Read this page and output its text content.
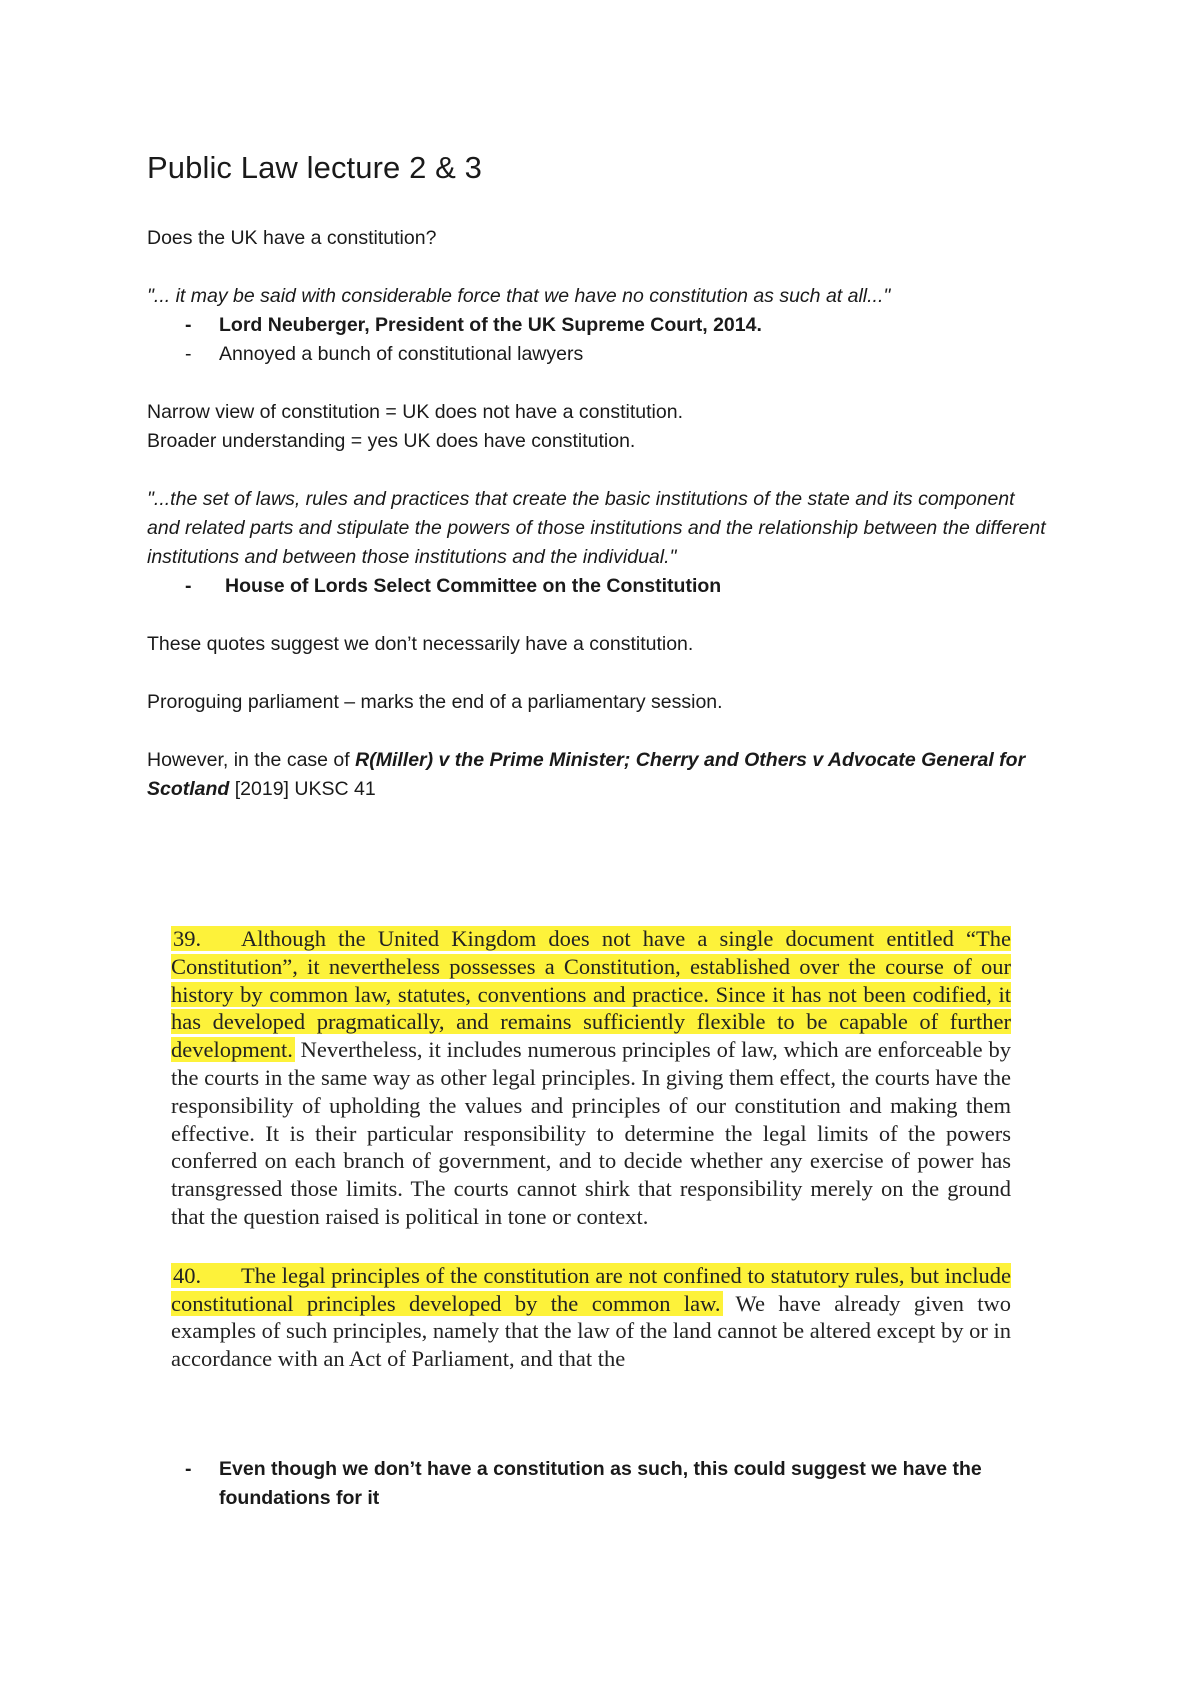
Public Law lecture 2 & 3

Does the UK have a constitution?

"... it may be said with considerable force that we have no constitution as such at all..."

- Lord Neuberger, President of the UK Supreme Court, 2014.

- Annoyed a bunch of constitutional lawyers

Narrow view of constitution = UK does not have a constitution.

Broader understanding = yes UK does have constitution.

"...the set of laws, rules and practices that create the basic institutions of the state and its component and related parts and stipulate the powers of those institutions and the relationship between the different institutions and between those institutions and the individual."

- House of Lords Select Committee on the Constitution

These quotes suggest we don’t necessarily have a constitution.

Proroguing parliament – marks the end of a parliamentary session.

However, in the case of R(Miller) v the Prime Minister; Cherry and Others v Advocate General for Scotland [2019] UKSC 41

39. Although the United Kingdom does not have a single document entitled “The Constitution”, it nevertheless possesses a Constitution, established over the course of our history by common law, statutes, conventions and practice. Since it has not been codified, it has developed pragmatically, and remains sufficiently flexible to be capable of further development. Nevertheless, it includes numerous principles of law, which are enforceable by the courts in the same way as other legal principles. In giving them effect, the courts have the responsibility of upholding the values and principles of our constitution and making them effective. It is their particular responsibility to determine the legal limits of the powers conferred on each branch of government, and to decide whether any exercise of power has transgressed those limits. The courts cannot shirk that responsibility merely on the ground that the question raised is political in tone or context.

40. The legal principles of the constitution are not confined to statutory rules, but include constitutional principles developed by the common law. We have already given two examples of such principles, namely that the law of the land cannot be altered except by or in accordance with an Act of Parliament, and that the

- Even though we don’t have a constitution as such, this could suggest we have the foundations for it
